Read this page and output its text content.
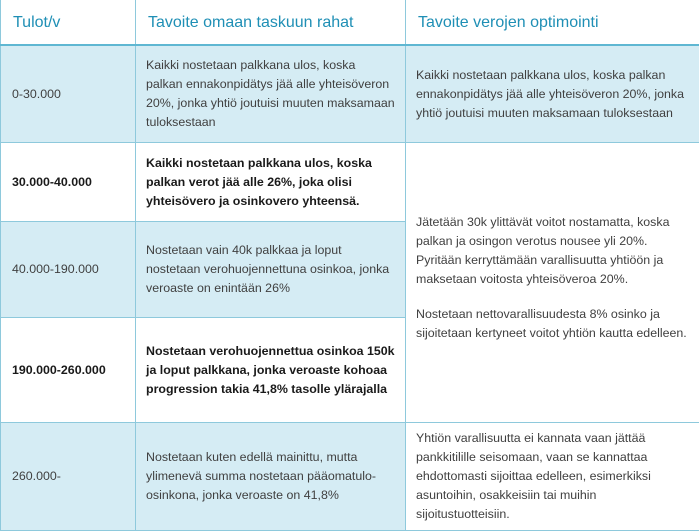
Tulot/v	Tavoite omaan taskuun rahat	Tavoite verojen optimointi
0-30.000	Kaikki nostetaan palkkana ulos, koska palkan ennakonpidätys jää alle yhteisöveron 20%, jonka yhtiö joutuisi muuten maksamaan tuloksestaan	Kaikki nostetaan palkkana ulos, koska palkan ennakonpidätys jää alle yhteisöveron 20%, jonka yhtiö joutuisi muuten maksamaan tuloksestaan
30.000-40.000	Kaikki nostetaan palkkana ulos, koska palkan verot jää alle 26%, joka olisi yhteisövero ja osinkovero yhteensä.	Jätetään 30k ylittävät voitot nostamatta, koska palkan ja osingon verotus nousee yli 20%. Pyritään kerryttämään varallisuutta yhtiöön ja maksetaan voitosta yhteisöveroa 20%.
Nostetaan nettovarallisuudesta 8% osinko ja sijoitetaan kertyneet voitot yhtiön kautta edelleen.

40.000-190.000	Nostetaan vain 40k palkkaa ja loput nostetaan verohuojennettuna osinkoa, jonka veroaste on enintään 26%	
190.000-260.000	Nostetaan verohuojennettua osinkoa 150k ja loput palkkana, jonka veroaste kohoaa progression takia 41,8% tasolle ylärajalla	
260.000-	Nostetaan kuten edellä mainittu, mutta ylimenevä summa nostetaan pääomatulo-osinkona, jonka veroaste on 41,8%	Yhtiön varallisuutta ei kannata vaan jättää pankkitilille seisomaan, vaan se kannattaa ehdottomasti sijoittaa edelleen, esimerkiksi asuntoihin, osakkeisiin tai muihin sijoitustuotteisiin.
